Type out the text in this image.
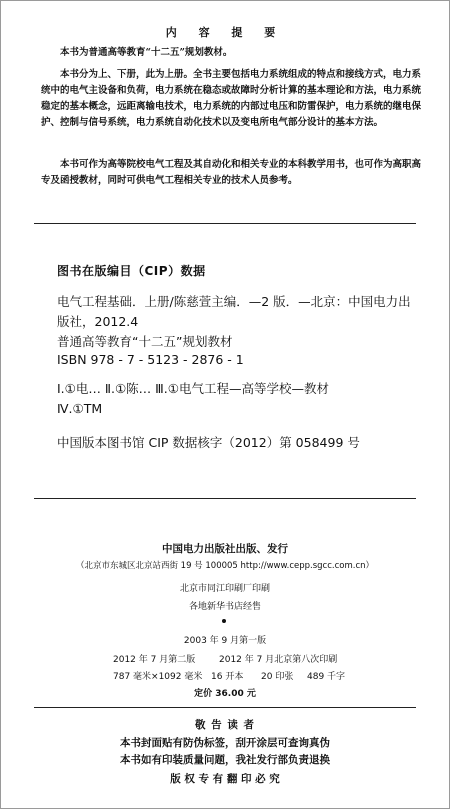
内 容 提 要
本书为普通高等教育“十二五”规划教材。
本书分为上、下册，此为上册。全书主要包括电力系统组成的特点和接线方式，电力系统中的电气主设备和负荷，电力系统在稳态或故障时分析计算的基本理论和方法，电力系统稳定的基本概念，远距离输电技术，电力系统的内部过电压和防雷保护，电力系统的继电保护、控制与信号系统，电力系统自动化技术以及变电所电气部分设计的基本方法。
本书可作为高等院校电气工程及其自动化和相关专业的本科教学用书，也可作为高职高专及函授教材，同时可供电气工程相关专业的技术人员参考。
图书在版编目（CIP）数据
电气工程基础．上册/陈慈萱主编．—2 版．—北京：中国电力出版社，2012.4
普通高等教育“十二五”规划教材
ISBN 978 - 7 - 5123 - 2876 - 1
Ⅰ.①电… Ⅱ.①陈… Ⅲ.①电气工程—高等学校—教材
Ⅳ.①TM
中国版本图书馆 CIP 数据核字（2012）第 058499 号
中国电力出版社出版、发行
（北京市东城区北京站西街 19 号 100005 http://www.cepp.sgcc.com.cn）
北京市同江印刷厂印刷
各地新华书店经售
2003 年 9 月第一版
2012 年 7 月第二版	2012 年 7 月北京第八次印刷
787 毫米×1092 毫米 16 开本 20 印张 489 千字
定价 36.00 元
敬 告 读 者
本书封面贴有防伪标签，刮开涂层可查询真伪
本书如有印装质量问题，我社发行部负责退换
版 权 专 有 翻 印 必 究
